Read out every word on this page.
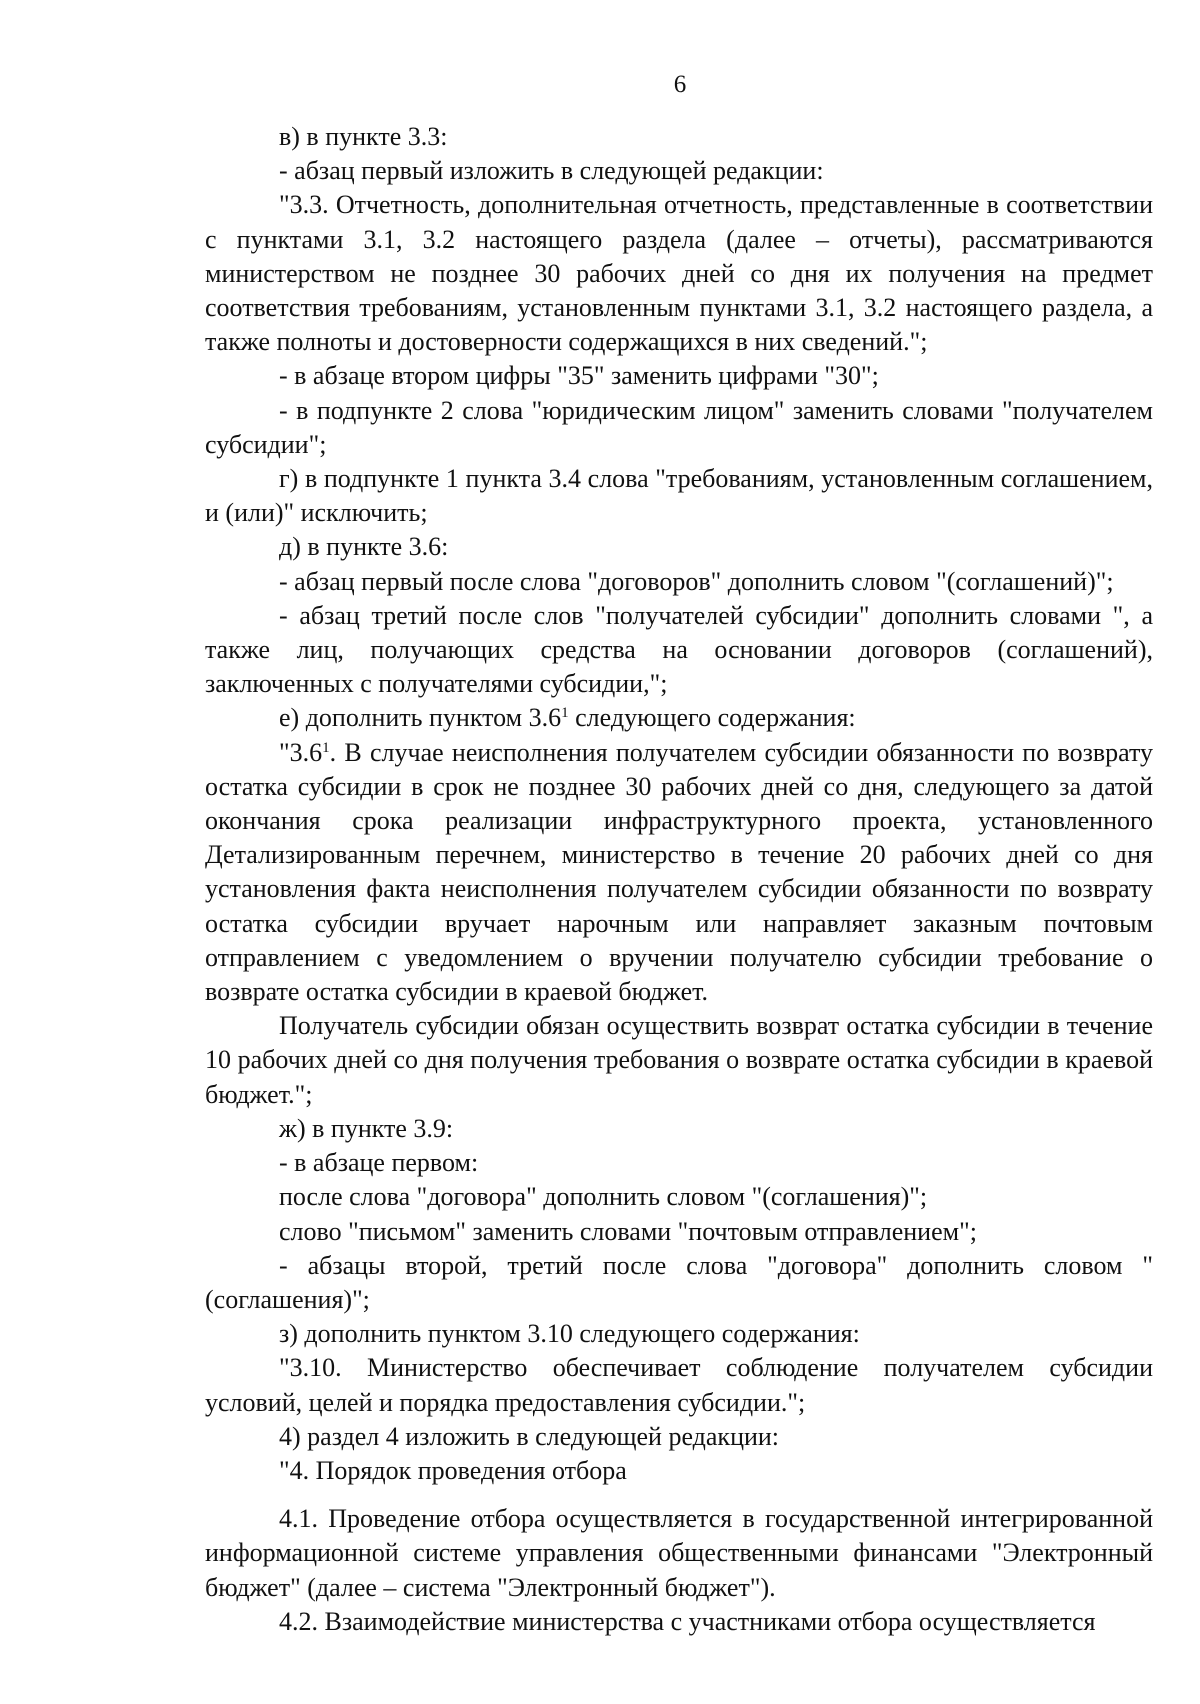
6

в) в пункте 3.3:

- абзац первый изложить в следующей редакции:

"3.3. Отчетность, дополнительная отчетность, представленные в соответствии с пунктами 3.1, 3.2 настоящего раздела (далее – отчеты), рассматриваются министерством не позднее 30 рабочих дней со дня их получения на предмет соответствия требованиям, установленным пунктами 3.1, 3.2 настоящего раздела, а также полноты и достоверности содержащихся в них сведений.";

- в абзаце втором цифры "35" заменить цифрами "30";

- в подпункте 2 слова "юридическим лицом" заменить словами "получателем субсидии";

г) в подпункте 1 пункта 3.4 слова "требованиям, установленным соглашением, и (или)" исключить;

д) в пункте 3.6:

- абзац первый после слова "договоров" дополнить словом "(соглашений)";

- абзац третий после слов "получателей субсидии" дополнить словами ", а также лиц, получающих средства на основании договоров (соглашений), заключенных с получателями субсидии,";

е) дополнить пунктом $3.6^1$ следующего содержания:

"$3.6^1$. В случае неисполнения получателем субсидии обязанности по возврату остатка субсидии в срок не позднее 30 рабочих дней со дня, следующего за датой окончания срока реализации инфраструктурного проекта, установленного Детализированным перечнем, министерство в течение 20 рабочих дней со дня установления факта неисполнения получателем субсидии обязанности по возврату остатка субсидии вручает нарочным или направляет заказным почтовым отправлением с уведомлением о вручении получателю субсидии требование о возврате остатка субсидии в краевой бюджет.

Получатель субсидии обязан осуществить возврат остатка субсидии в течение 10 рабочих дней со дня получения требования о возврате остатка субсидии в краевой бюджет.";

ж) в пункте 3.9:

- в абзаце первом:

после слова "договора" дополнить словом "(соглашения)";

слово "письмом" заменить словами "почтовым отправлением";

- абзацы второй, третий после слова "договора" дополнить словом "(соглашения)";

з) дополнить пунктом 3.10 следующего содержания:

"3.10. Министерство обеспечивает соблюдение получателем субсидии условий, целей и порядка предоставления субсидии.";

4) раздел 4 изложить в следующей редакции:

"4. Порядок проведения отбора

4.1. Проведение отбора осуществляется в государственной интегрированной информационной системе управления общественными финансами "Электронный бюджет" (далее – система "Электронный бюджет").

4.2. Взаимодействие министерства с участниками отбора осуществляется
